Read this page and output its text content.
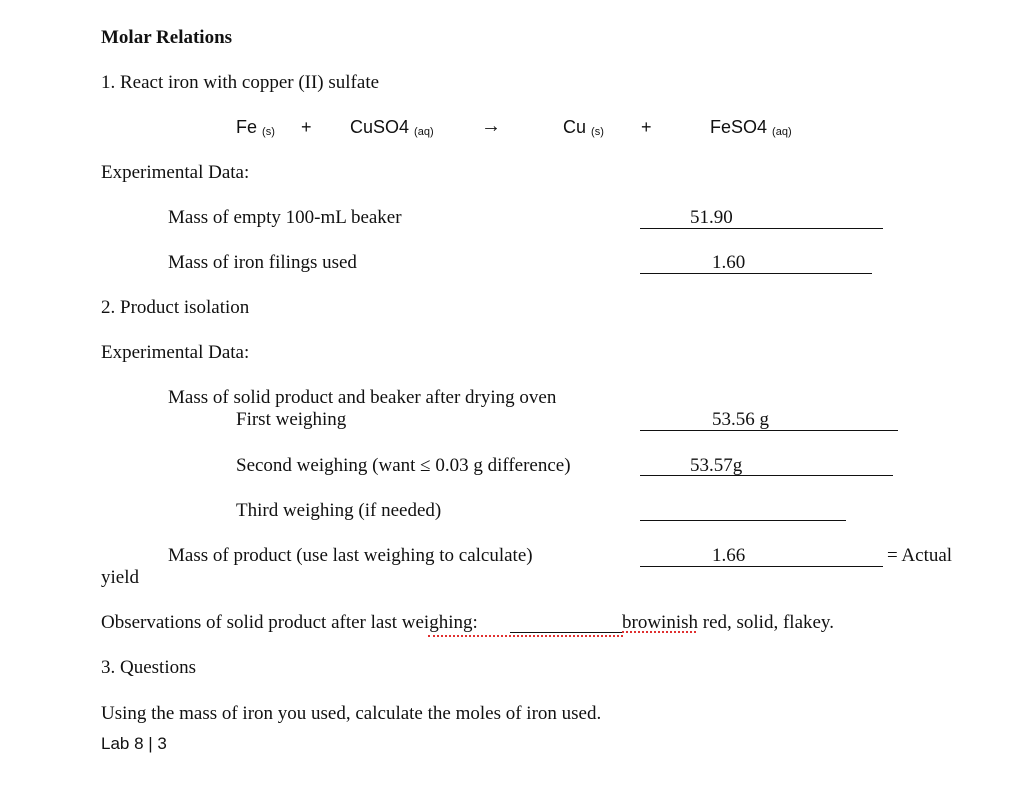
Molar Relations
1. React iron with copper (II) sulfate
Fe (s) + CuSO4 (aq) →	Cu (s) +	FeSO4 (aq)
Experimental Data:
Mass of empty 100-mL beaker	51.90
Mass of iron filings used	1.60
2. Product isolation
Experimental Data:
Mass of solid product and beaker after drying oven
First weighing	53.56 g
Second weighing (want ≤ 0.03 g difference)	53.57g
Third weighing (if needed)
Mass of product (use last weighing to calculate)	1.66	= Actual
yield
Observations of solid product after last weighing:	browinish red, solid, flakey.
3. Questions
Using the mass of iron you used, calculate the moles of iron used.
Lab 8 | 3
